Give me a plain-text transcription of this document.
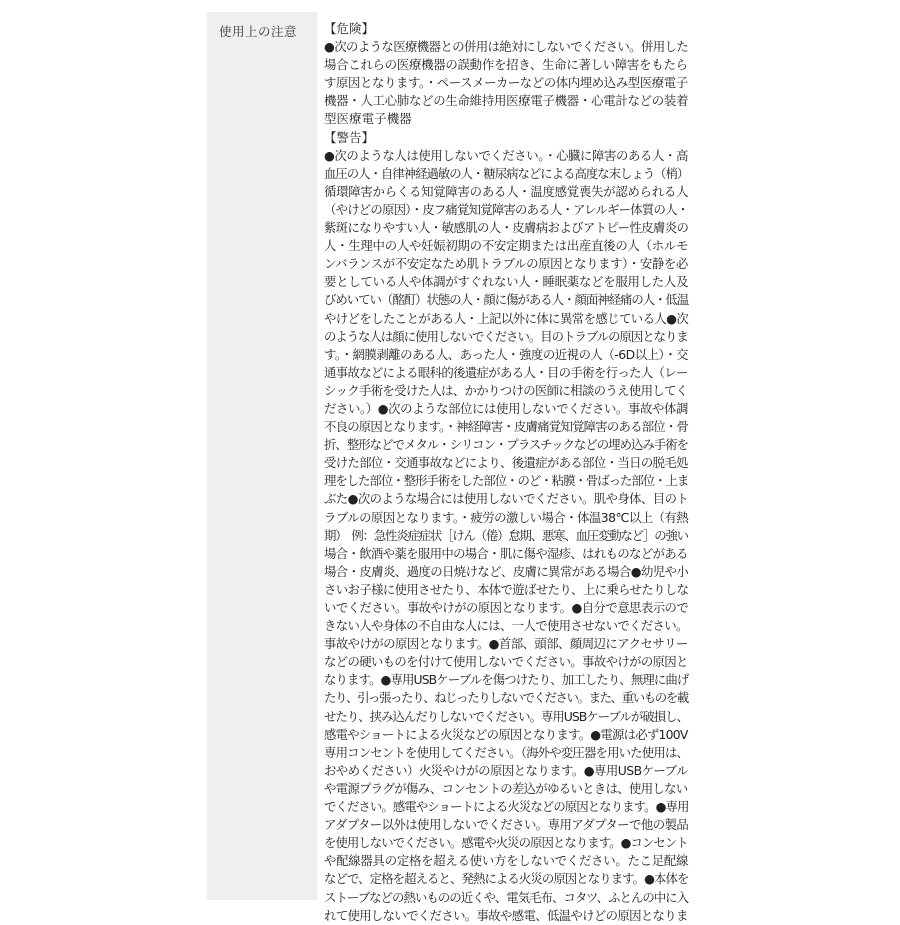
使用上の注意 【危険】
●次のような医療機器との併用は絶対にしないでください。併用した
場合これらの医療機器の誤動作を招き、生命に著しい障害をもたら
す原因となります。・ペースメーカーなどの体内埋め込み型医療電子
機器・人工心肺などの生命維持用医療電子機器・心電計などの装着
型医療電子機器
【警告】
●次のような人は使用しないでください。・心臓に障害のある人・高
血圧の人・自律神経過敏の人・糖尿病などによる高度な末しょう（梢）
循環障害からくる知覚障害のある人・温度感覚喪失が認められる人
（やけどの原因）・皮フ痛覚知覚障害のある人・アレルギー体質の人・
紫斑になりやすい人・敏感肌の人・皮膚病およびアトピー性皮膚炎の
人・生理中の人や妊娠初期の不安定期または出産直後の人（ホルモ
ンバランスが不安定なため肌トラブルの原因となります）・安静を必
要としている人や体調がすぐれない人・睡眠薬などを服用した人及
びめいてい（酩酊）状態の人・顔に傷がある人・顔面神経痛の人・低温
やけどをしたことがある人・上記以外に体に異常を感じている人●次
のような人は顔に使用しないでください。目のトラブルの原因となりま
す。・網膜剥離のある人、あった人・強度の近視の人（-6D以上）・交
通事故などによる眼科的後遺症がある人・目の手術を行った人（レー
シック手術を受けた人は、かかりつけの医師に相談のうえ使用してく
ださい。）●次のような部位には使用しないでください。事故や体調
不良の原因となります。・神経障害・皮膚痛覚知覚障害のある部位・骨
折、整形などでメタル・シリコン・プラスチックなどの埋め込み手術を
受けた部位・交通事故などにより、後遺症がある部位・当日の脱毛処
理をした部位・整形手術をした部位・のど・粘膜・骨ばった部位・上ま
ぶた●次のような場合には使用しないでください。肌や身体、目のト
ラブルの原因となります。・疲労の激しい場合・体温38℃以上（有熱
期）　例：急性炎症症状［けん（倦）怠期、悪寒、血圧変動など］の強い
場合・飲酒や薬を服用中の場合・肌に傷や湿疹、はれものなどがある
場合・皮膚炎、過度の日焼けなど、皮膚に異常がある場合●幼児や小
さいお子様に使用させたり、本体で遊ばせたり、上に乗らせたりしな
いでください。事故やけがの原因となります。●自分で意思表示ので
きない人や身体の不自由な人には、一人で使用させないでください。
事故やけがの原因となります。●首部、頭部、顔周辺にアクセサリー
などの硬いものを付けて使用しないでください。事故やけがの原因と
なります。●専用USBケーブルを傷つけたり、加工したり、無理に曲げ
たり、引っ張ったり、ねじったりしないでください。また、重いものを載
せたり、挟み込んだりしないでください。専用USBケーブルが破損し、
感電やショートによる火災などの原因となります。●電源は必ず100V
専用コンセントを使用してください。（海外や変圧器を用いた使用は、
おやめください）火災やけがの原因となります。●専用USBケーブル
や電源プラグが傷み、コンセントの差込がゆるいときは、使用しない
でください。感電やショートによる火災などの原因となります。●専用
アダプター以外は使用しないでください。専用アダプターで他の製品
を使用しないでください。感電や火災の原因となります。●コンセント
や配線器具の定格を超える使い方をしないでください。たこ足配線
などで、定格を超えると、発熱による火災の原因となります。●本体を
ストーブなどの熱いものの近くや、電気毛布、コタツ、ふとんの中に入
れて使用しないでください。事故や感電、低温やけどの原因となりま
